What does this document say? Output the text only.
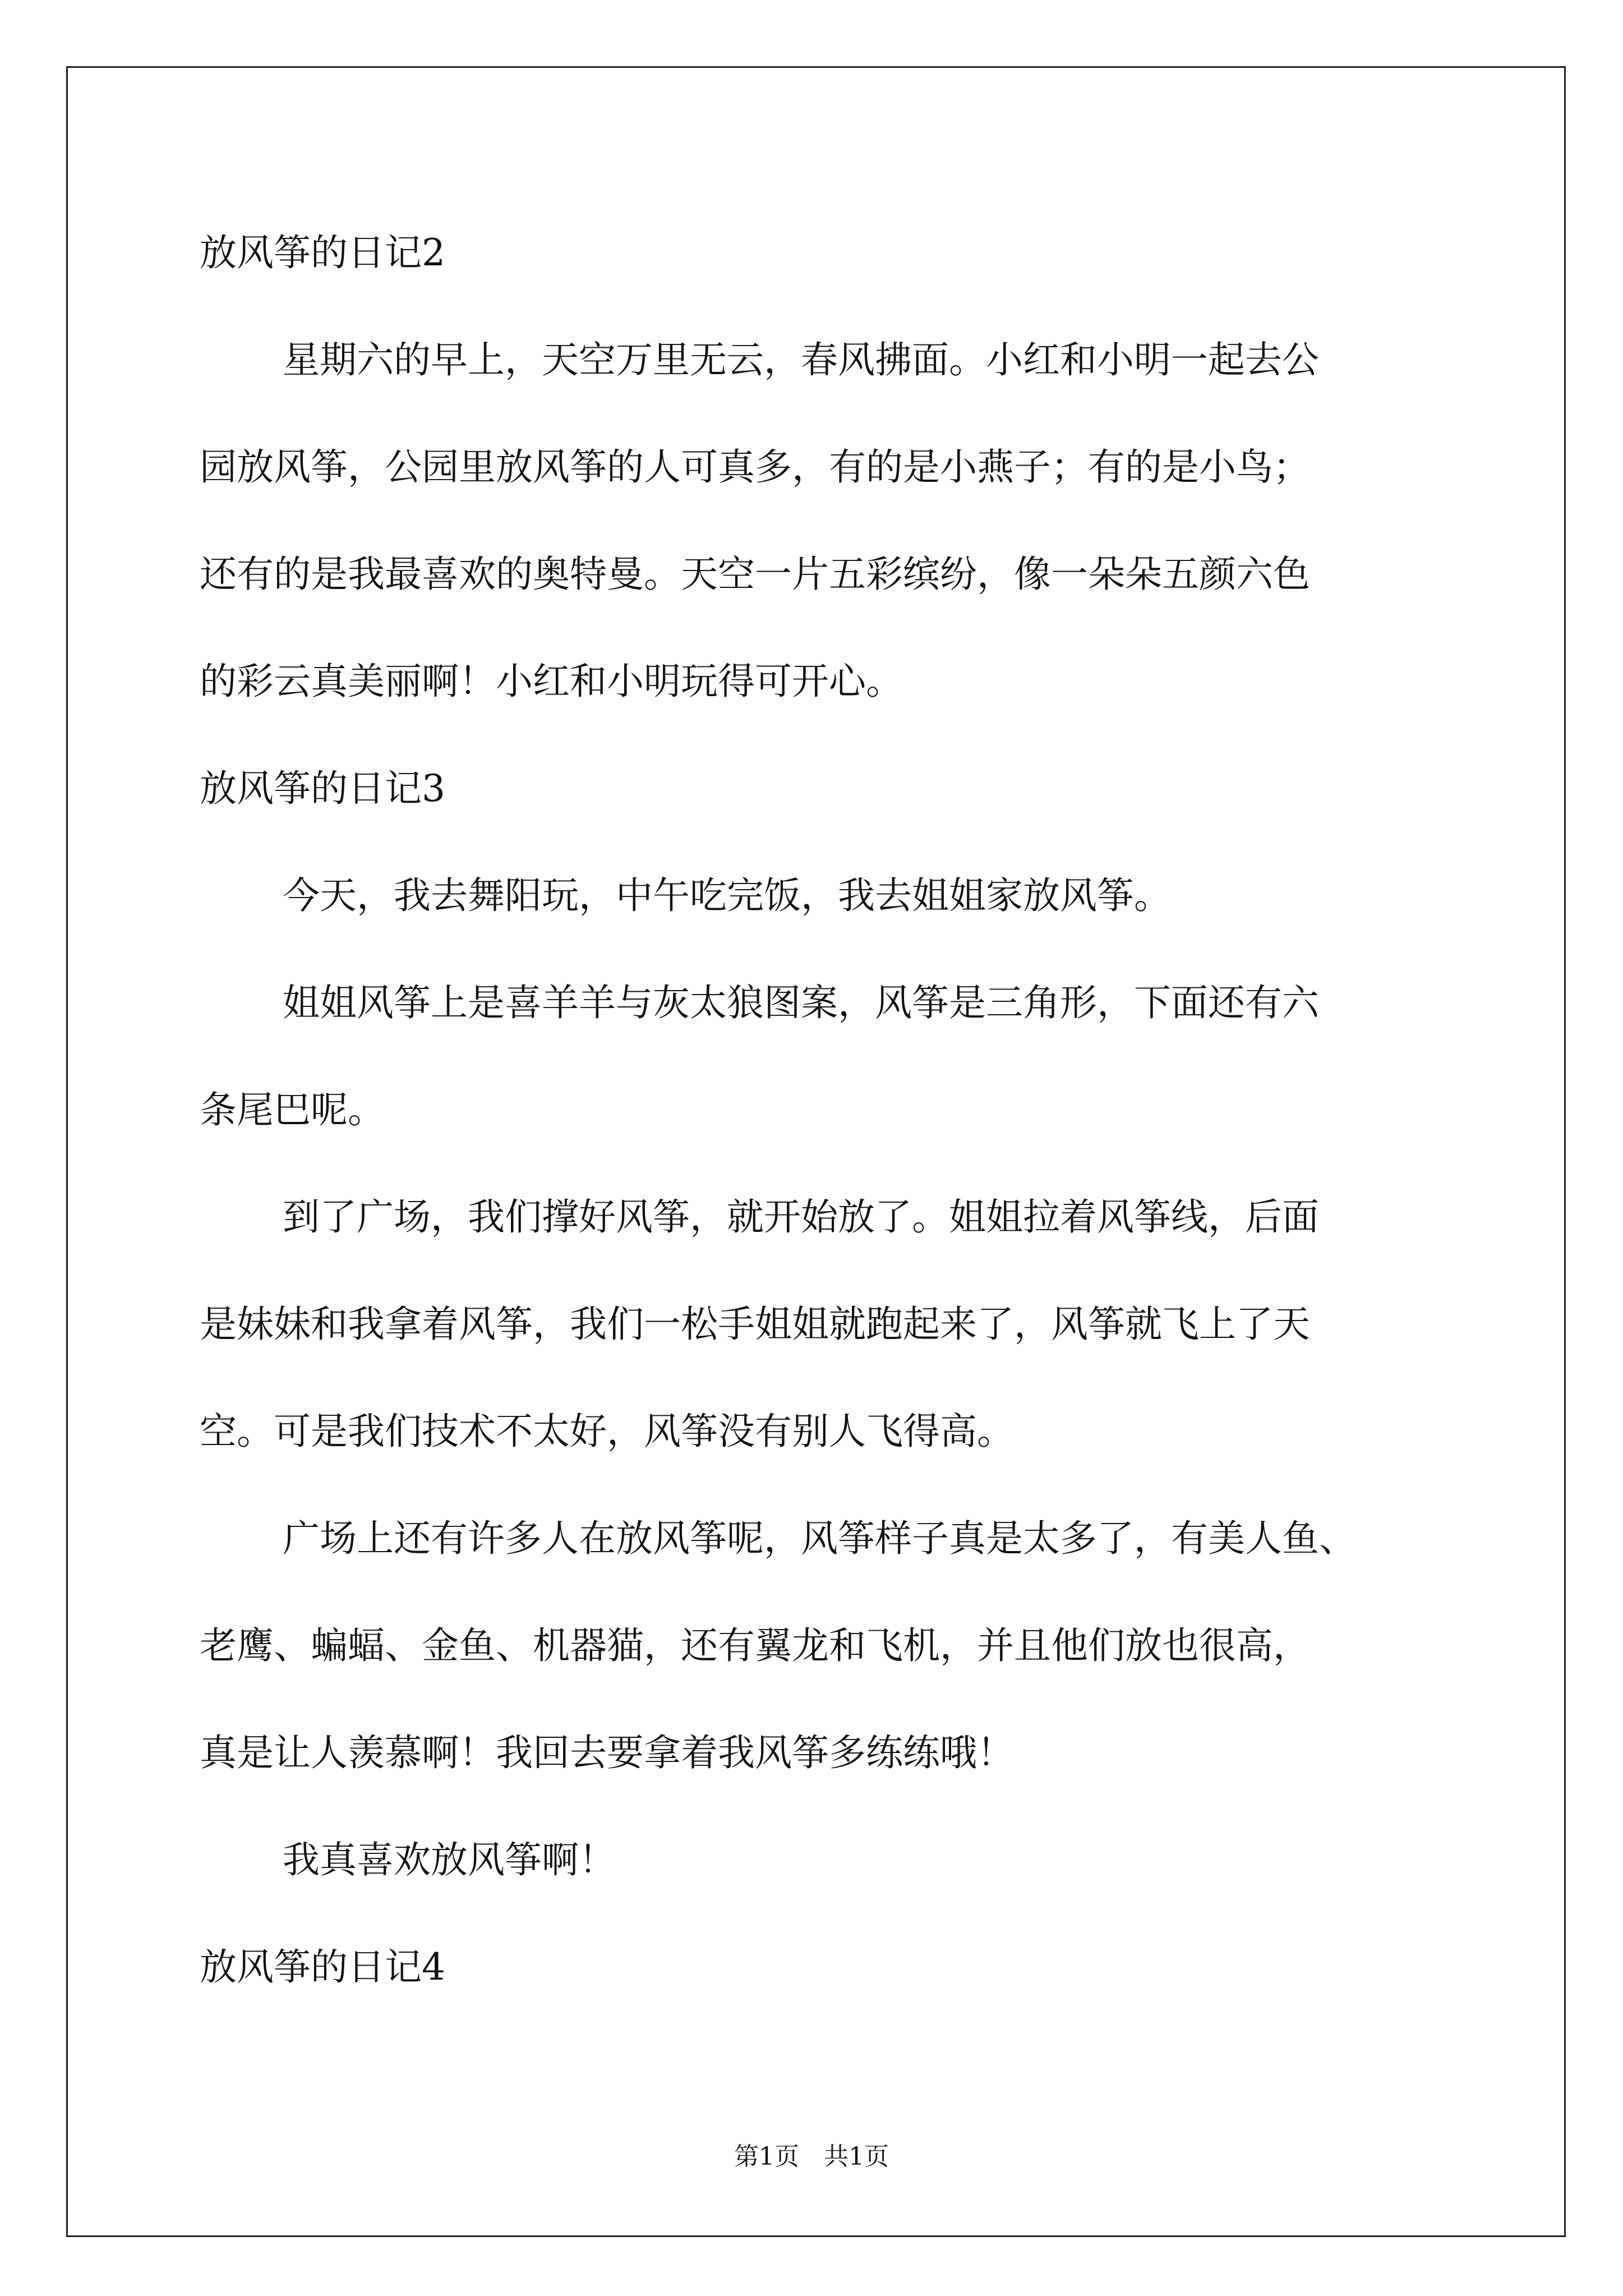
放风筝的日记2

星期六的早上，天空万里无云，春风拂面。小红和小明一起去公

园放风筝，公园里放风筝的人可真多，有的是小燕子；有的是小鸟；

还有的是我最喜欢的奥特曼。天空一片五彩缤纷，像一朵朵五颜六色

的彩云真美丽啊！小红和小明玩得可开心。

放风筝的日记3

今天，我去舞阳玩，中午吃完饭，我去姐姐家放风筝。

姐姐风筝上是喜羊羊与灰太狼图案，风筝是三角形，下面还有六

条尾巴呢。

到了广场，我们撑好风筝，就开始放了。姐姐拉着风筝线，后面

是妹妹和我拿着风筝，我们一松手姐姐就跑起来了，风筝就飞上了天

空。可是我们技术不太好，风筝没有别人飞得高。

广场上还有许多人在放风筝呢，风筝样子真是太多了，有美人鱼、

老鹰、蝙蝠、金鱼、机器猫，还有翼龙和飞机，并且他们放也很高，

真是让人羡慕啊！我回去要拿着我风筝多练练哦！

我真喜欢放风筝啊！

放风筝的日记4

第1页　共1页
